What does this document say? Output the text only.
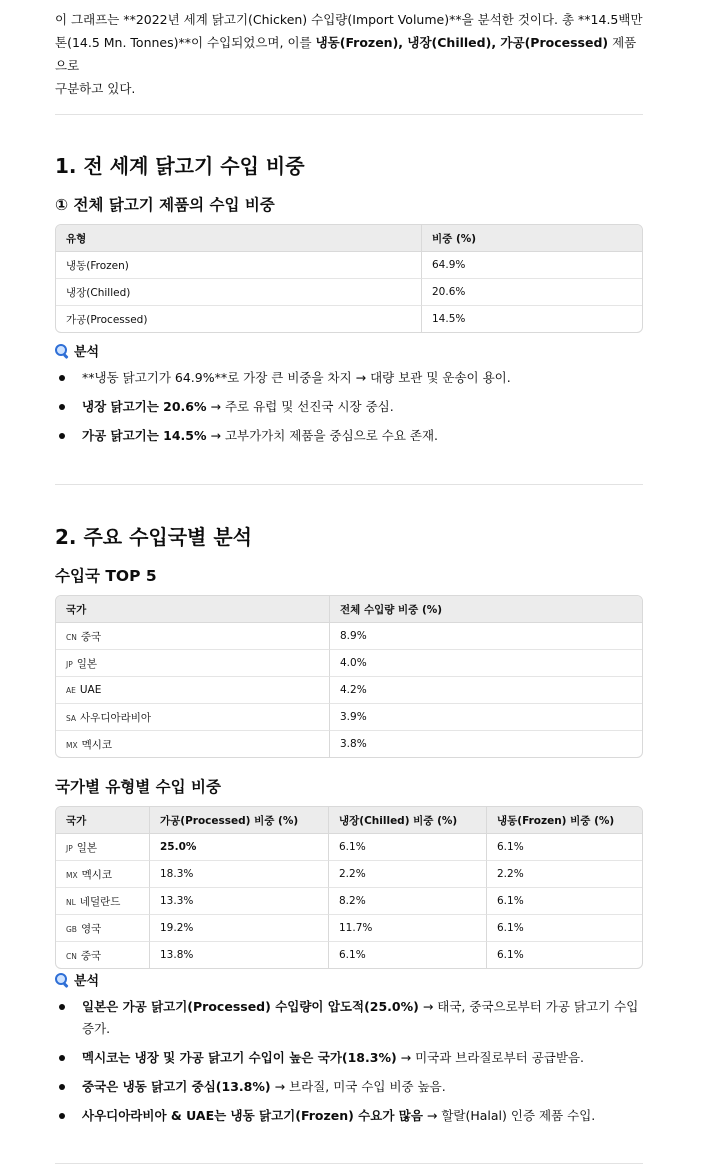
이 그래프는 **2022년 세계 닭고기(Chicken) 수입량(Import Volume)**을 분석한 것이다. 총 **14.5백만
톤(14.5 Mn. Tonnes)**이 수입되었으며, 이를 냉동(Frozen), 냉장(Chilled), 가공(Processed) 제품으로
구분하고 있다.

1. 전 세계 닭고기 수입 비중
① 전체 닭고기 제품의 수입 비중
유형	비중 (%)
냉동(Frozen)	64.9%
냉장(Chilled)	20.6%
가공(Processed)	14.5%
분석
**냉동 닭고기가 64.9%**로 가장 큰 비중을 차지 → 대량 보관 및 운송이 용이.
냉장 닭고기는 20.6% → 주로 유럽 및 선진국 시장 중심.
가공 닭고기는 14.5% → 고부가가치 제품을 중심으로 수요 존재.
2. 주요 수입국별 분석
수입국 TOP 5
국가	전체 수입량 비중 (%)
CN 중국	8.9%
JP 일본	4.0%
AE UAE	4.2%
SA 사우디아라비아	3.9%
MX 멕시코	3.8%
국가별 유형별 수입 비중
국가	가공(Processed) 비중 (%)	냉장(Chilled) 비중 (%)	냉동(Frozen) 비중 (%)
JP 일본	25.0%	6.1%	6.1%
MX 멕시코	18.3%	2.2%	2.2%
NL 네덜란드	13.3%	8.2%	6.1%
GB 영국	19.2%	11.7%	6.1%
CN 중국	13.8%	6.1%	6.1%
분석
일본은 가공 닭고기(Processed) 수입량이 압도적(25.0%) → 태국, 중국으로부터 가공 닭고기 수입 증가.
멕시코는 냉장 및 가공 닭고기 수입이 높은 국가(18.3%) → 미국과 브라질로부터 공급받음.
중국은 냉동 닭고기 중심(13.8%) → 브라질, 미국 수입 비중 높음.
사우디아라비아 & UAE는 냉동 닭고기(Frozen) 수요가 많음 → 할랄(Halal) 인증 제품 수입.
